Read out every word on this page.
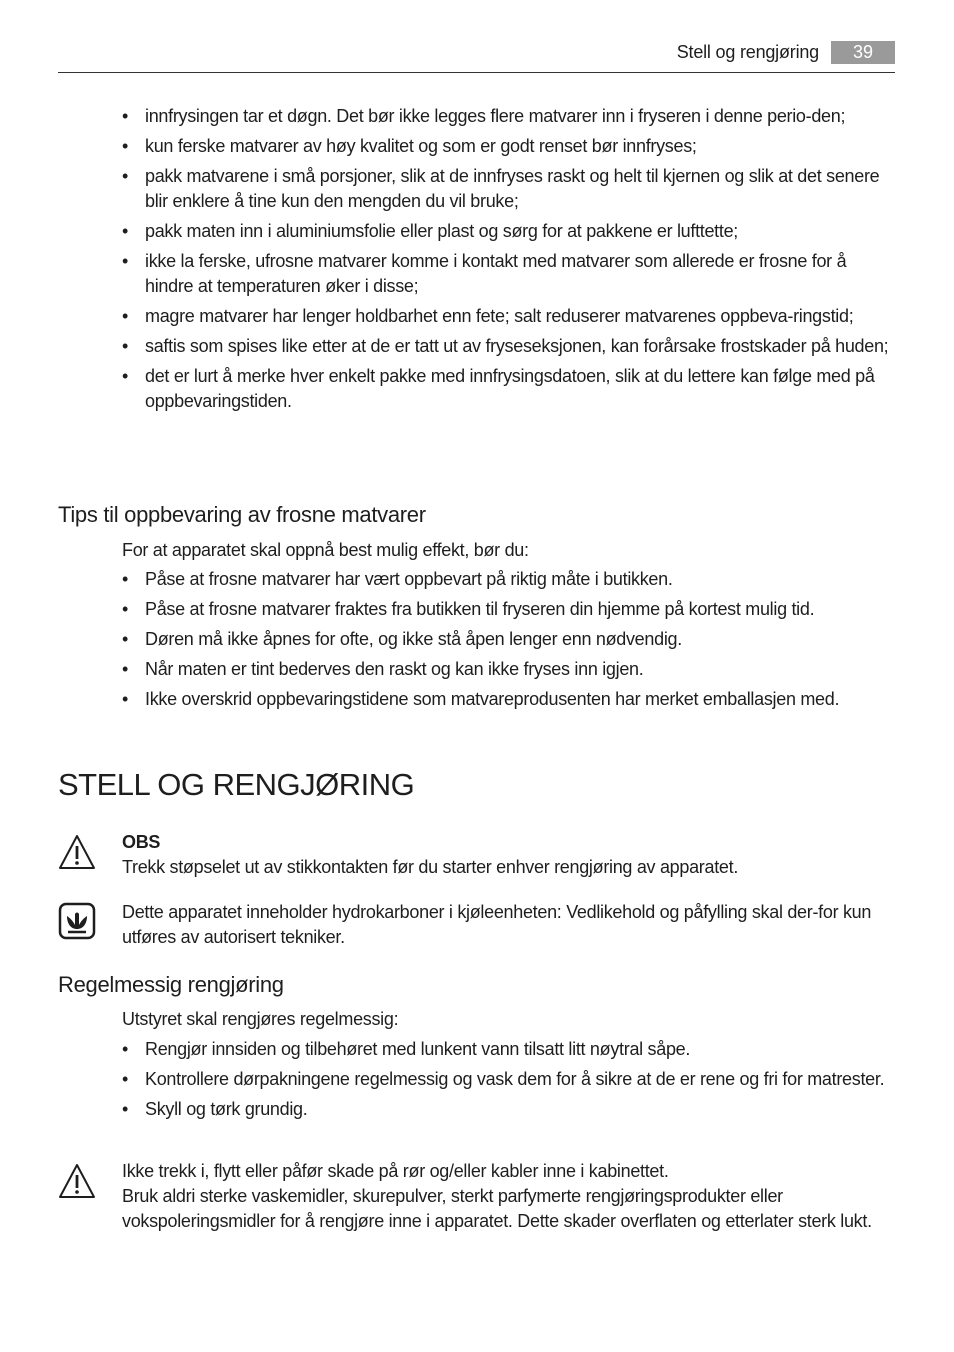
Stell og rengjøring	39
• innfrysingen tar et døgn. Det bør ikke legges flere matvarer inn i fryseren i denne perio-den;
• kun ferske matvarer av høy kvalitet og som er godt renset bør innfryses;
• pakk matvarene i små porsjoner, slik at de innfryses raskt og helt til kjernen og slik at det senere blir enklere å tine kun den mengden du vil bruke;
• pakk maten inn i aluminiumsfolie eller plast og sørg for at pakkene er lufttette;
• ikke la ferske, ufrosne matvarer komme i kontakt med matvarer som allerede er frosne for å hindre at temperaturen øker i disse;
• magre matvarer har lenger holdbarhet enn fete; salt reduserer matvarenes oppbeva-ringstid;
• saftis som spises like etter at de er tatt ut av fryseseksjonen, kan forårsake frostskader på huden;
• det er lurt å merke hver enkelt pakke med innfrysingsdatoen, slik at du lettere kan følge med på oppbevaringstiden.
Tips til oppbevaring av frosne matvarer
For at apparatet skal oppnå best mulig effekt, bør du:
• Påse at frosne matvarer har vært oppbevart på riktig måte i butikken.
• Påse at frosne matvarer fraktes fra butikken til fryseren din hjemme på kortest mulig tid.
• Døren må ikke åpnes for ofte, og ikke stå åpen lenger enn nødvendig.
• Når maten er tint bederves den raskt og kan ikke fryses inn igjen.
• Ikke overskrid oppbevaringstidene som matvareprodusenten har merket emballasjen med.
STELL OG RENGJØRING

OBS

Trekk støpselet ut av stikkontakten før du starter enhver rengjøring av apparatet.

Dette apparatet inneholder hydrokarboner i kjøleenheten: Vedlikehold og påfylling skal der-for kun utføres av autorisert tekniker.

Regelmessig rengjøring
Utstyret skal rengjøres regelmessig:
• Rengjør innsiden og tilbehøret med lunkent vann tilsatt litt nøytral såpe.
• Kontrollere dørpakningene regelmessig og vask dem for å sikre at de er rene og fri for matrester.
• Skyll og tørk grundig.

Ikke trekk i, flytt eller påfør skade på rør og/eller kabler inne i kabinettet.

Bruk aldri sterke vaskemidler, skurepulver, sterkt parfymerte rengjøringsprodukter eller vokspoleringsmidler for å rengjøre inne i apparatet. Dette skader overflaten og etterlater sterk lukt.
